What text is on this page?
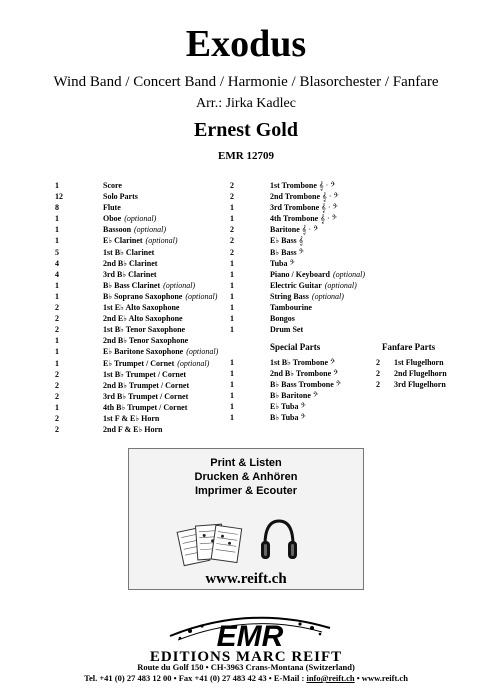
Exodus
Wind Band / Concert Band / Harmonie / Blasorchester / Fanfare
Arr.: Jirka Kadlec
Ernest Gold
EMR 12709
1	Score
12	Solo Parts
8	Flute
1	Oboe (optional)
1	Bassoon (optional)
1	E♭ Clarinet (optional)
5	1st B♭ Clarinet
4	2nd B♭ Clarinet
4	3rd B♭ Clarinet
1	B♭ Bass Clarinet (optional)
1	B♭ Soprano Saxophone (optional)
2	1st E♭ Alto Saxophone
2	2nd E♭ Alto Saxophone
2	1st B♭ Tenor Saxophone
1	2nd B♭ Tenor Saxophone
1	E♭ Baritone Saxophone (optional)
1	E♭ Trumpet / Cornet (optional)
2	1st B♭ Trumpet / Cornet
2	2nd B♭ Trumpet / Cornet
2	3rd B♭ Trumpet / Cornet
1	4th B♭ Trumpet / Cornet
2	1st F & E♭ Horn
2	2nd F & E♭ Horn
2	1st Trombone 𝄞 · 𝄢
2	2nd Trombone 𝄞 · 𝄢
1	3rd Trombone 𝄞 · 𝄢
1	4th Trombone 𝄞 · 𝄢
2	Baritone 𝄞 · 𝄢
2	E♭ Bass 𝄞
2	B♭ Bass 𝄢
1	Tuba 𝄢
1	Piano / Keyboard (optional)
1	Electric Guitar (optional)
1	String Bass (optional)
1	Tambourine
1	Bongos
1	Drum Set
Special Parts	Fanfare Parts
1	1st B♭ Trombone 𝄢
1	2nd B♭ Trombone 𝄢
1	B♭ Bass Trombone 𝄢
1	B♭ Baritone 𝄢
1	E♭ Tuba 𝄢
1	B♭ Tuba 𝄢
2	1st Flugelhorn
2	2nd Flugelhorn
2	3rd Flugelhorn
Print & Listen
Drucken & Anhören
Imprimer & Ecouter
www.reift.ch
EMR
EDITIONS MARC REIFT
Route du Golf 150 • CH-3963 Crans-Montana (Switzerland)
Tel. +41 (0) 27 483 12 00 • Fax +41 (0) 27 483 42 43 • E-Mail : info@reift.ch • www.reift.ch
